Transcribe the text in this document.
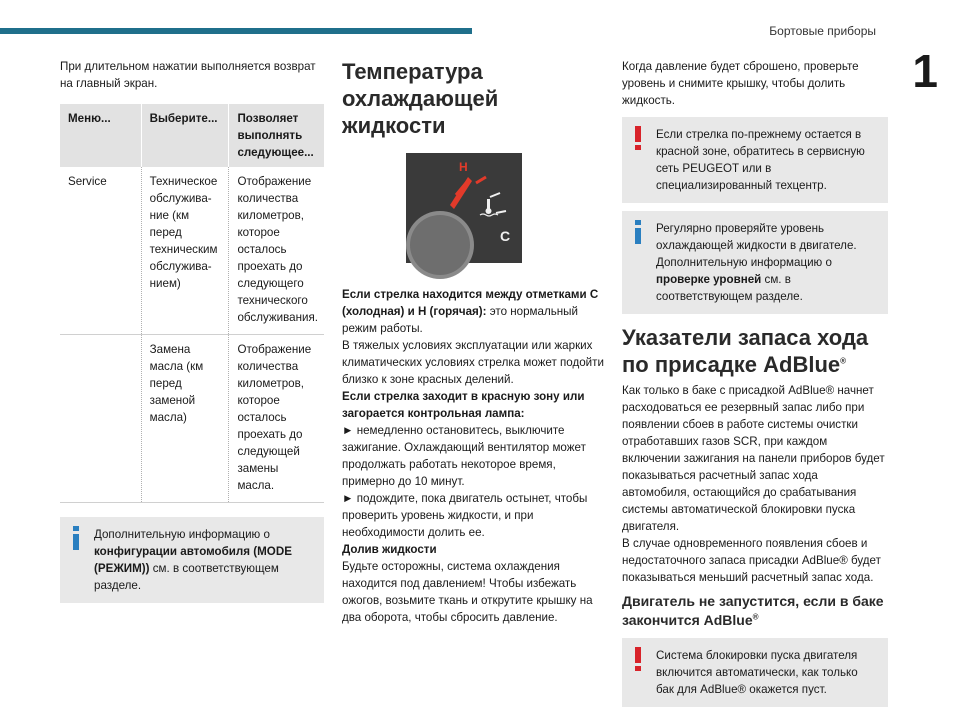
Бортовые приборы
1

При длительном нажатии выполняется возврат на главный экран.

Меню...	Выберите...	Позволяет выполнять следующее...
Service	Техническое обслужива-ние (км перед техническим обслужива-нием)	Отображение количества километров, которое осталось проехать до следующего технического обслуживания.
	Замена масла (км перед заменой масла)	Отображение количества километров, которое осталось проехать до следующей замены масла.

Дополнительную информацию о конфигурации автомобиля (MODE (РЕЖИМ)) см. в соответствующем разделе.

Температура охлаждающей жидкости
H
C

Если стрелка находится между отметками C (холодная) и H (горячая): это нормальный режим работы.

В тяжелых условиях эксплуатации или жарких климатических условиях стрелка может подойти близко к зоне красных делений.

Если стрелка заходит в красную зону или загорается контрольная лампа:

► немедленно остановитесь, выключите зажигание. Охлаждающий вентилятор может продолжать работать некоторое время, примерно до 10 минут.

► подождите, пока двигатель остынет, чтобы проверить уровень жидкости, и при необходимости долить ее.

Долив жидкости

Будьте осторожны, система охлаждения находится под давлением! Чтобы избежать ожогов, возьмите ткань и открутите крышку на два оборота, чтобы сбросить давление.

Когда давление будет сброшено, проверьте уровень и снимите крышку, чтобы долить жидкость.

Если стрелка по-прежнему остается в красной зоне, обратитесь в сервисную сеть PEUGEOT или в специализированный техцентр.

Регулярно проверяйте уровень охлаждающей жидкости в двигателе. Дополнительную информацию о проверке уровней см. в соответствующем разделе.

Указатели запаса хода по присадке AdBlue®

Как только в баке с присадкой AdBlue® начнет расходоваться ее резервный запас либо при появлении сбоев в работе системы очистки отработавших газов SCR, при каждом включении зажигания на панели приборов будет показываться расчетный запас хода автомобиля, остающийся до срабатывания системы автоматической блокировки пуска двигателя.

В случае одновременного появления сбоев и недостаточного запаса присадки AdBlue® будет показываться меньший расчетный запас хода.

Двигатель не запустится, если в баке закончится AdBlue®

Система блокировки пуска двигателя включится автоматически, как только бак для AdBlue® окажется пуст.
